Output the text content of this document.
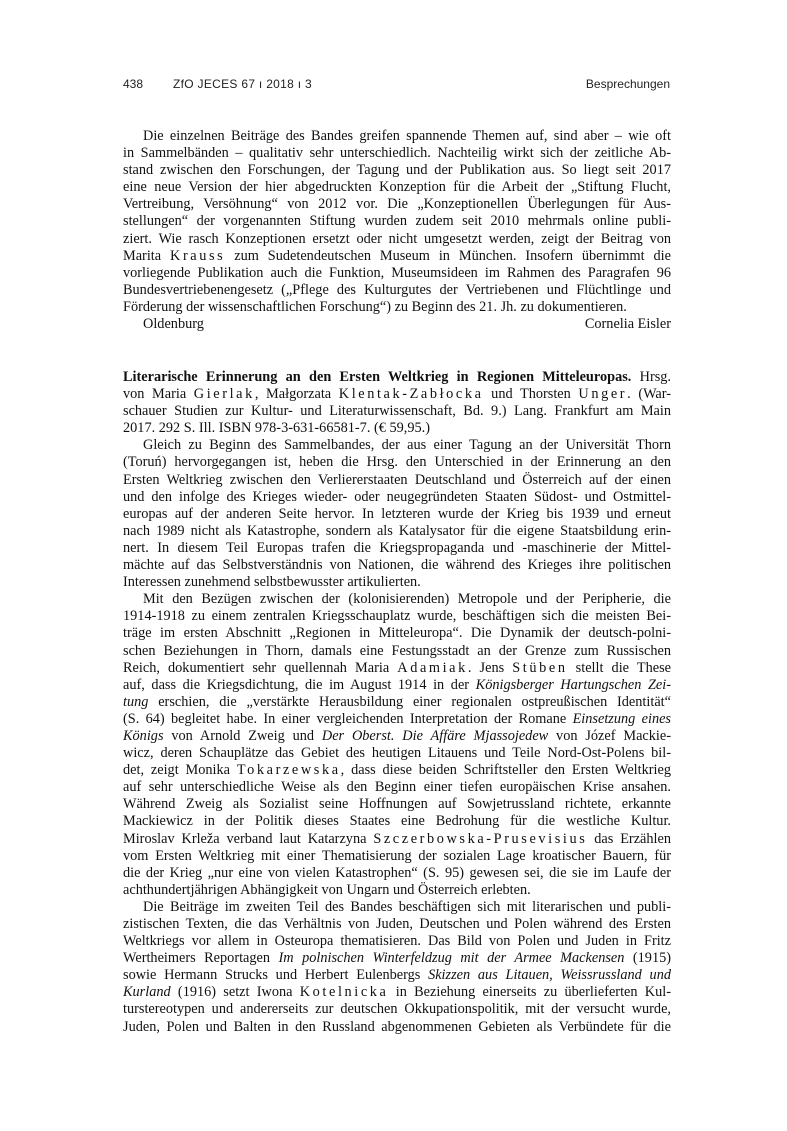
438 ZfO JECES 67 ı 2018 ı 3	Besprechungen
Die einzelnen Beiträge des Bandes greifen spannende Themen auf, sind aber – wie oft
in Sammelbänden – qualitativ sehr unterschiedlich. Nachteilig wirkt sich der zeitliche Ab-
stand zwischen den Forschungen, der Tagung und der Publikation aus. So liegt seit 2017
eine neue Version der hier abgedruckten Konzeption für die Arbeit der „Stiftung Flucht,
Vertreibung, Versöhnung“ von 2012 vor. Die „Konzeptionellen Überlegungen für Aus-
stellungen“ der vorgenannten Stiftung wurden zudem seit 2010 mehrmals online publi-
ziert. Wie rasch Konzeptionen ersetzt oder nicht umgesetzt werden, zeigt der Beitrag von
Marita Krauss zum Sudetendeutschen Museum in München. Insofern übernimmt die
vorliegende Publikation auch die Funktion, Museumsideen im Rahmen des Paragrafen 96
Bundesvertriebenengesetz („Pflege des Kulturgutes der Vertriebenen und Flüchtlinge und
Förderung der wissenschaftlichen Forschung“) zu Beginn des 21. Jh. zu dokumentieren.
Oldenburg	Cornelia Eisler
Literarische Erinnerung an den Ersten Weltkrieg in Regionen Mitteleuropas. Hrsg.
von Maria Gierlak, Małgorzata Klentak-Zabłocka und Thorsten Unger. (War-
schauer Studien zur Kultur- und Literaturwissenschaft, Bd. 9.) Lang. Frankfurt am Main
2017. 292 S. Ill. ISBN 978-3-631-66581-7. (€ 59,95.)
Gleich zu Beginn des Sammelbandes, der aus einer Tagung an der Universität Thorn
(Toruń) hervorgegangen ist, heben die Hrsg. den Unterschied in der Erinnerung an den
Ersten Weltkrieg zwischen den Verliererstaaten Deutschland und Österreich auf der einen
und den infolge des Krieges wieder- oder neugegründeten Staaten Südost- und Ostmittel-
europas auf der anderen Seite hervor. In letzteren wurde der Krieg bis 1939 und erneut
nach 1989 nicht als Katastrophe, sondern als Katalysator für die eigene Staatsbildung erin-
nert. In diesem Teil Europas trafen die Kriegspropaganda und -maschinerie der Mittel-
mächte auf das Selbstverständnis von Nationen, die während des Krieges ihre politischen
Interessen zunehmend selbstbewusster artikulierten.
Mit den Bezügen zwischen der (kolonisierenden) Metropole und der Peripherie, die
1914-1918 zu einem zentralen Kriegsschauplatz wurde, beschäftigen sich die meisten Bei-
träge im ersten Abschnitt „Regionen in Mitteleuropa“. Die Dynamik der deutsch-polni-
schen Beziehungen in Thorn, damals eine Festungsstadt an der Grenze zum Russischen
Reich, dokumentiert sehr quellennah Maria Adamiak. Jens Stüben stellt die These
auf, dass die Kriegsdichtung, die im August 1914 in der Königsberger Hartungschen Zei-
tung erschien, die „verstärkte Herausbildung einer regionalen ostpreußischen Identität“
(S. 64) begleitet habe. In einer vergleichenden Interpretation der Romane Einsetzung eines
Königs von Arnold Zweig und Der Oberst. Die Affäre Mjassojedew von Józef Mackie-
wicz, deren Schauplätze das Gebiet des heutigen Litauens und Teile Nord-Ost-Polens bil-
det, zeigt Monika Tokarzewska, dass diese beiden Schriftsteller den Ersten Weltkrieg
auf sehr unterschiedliche Weise als den Beginn einer tiefen europäischen Krise ansahen.
Während Zweig als Sozialist seine Hoffnungen auf Sowjetrussland richtete, erkannte
Mackiewicz in der Politik dieses Staates eine Bedrohung für die westliche Kultur.
Miroslav Krleža verband laut Katarzyna Szczerbowska-Prusevisius das Erzählen
vom Ersten Weltkrieg mit einer Thematisierung der sozialen Lage kroatischer Bauern, für
die der Krieg „nur eine von vielen Katastrophen“ (S. 95) gewesen sei, die sie im Laufe der
achthundertjährigen Abhängigkeit von Ungarn und Österreich erlebten.
Die Beiträge im zweiten Teil des Bandes beschäftigen sich mit literarischen und publi-
zistischen Texten, die das Verhältnis von Juden, Deutschen und Polen während des Ersten
Weltkriegs vor allem in Osteuropa thematisieren. Das Bild von Polen und Juden in Fritz
Wertheimers Reportagen Im polnischen Winterfeldzug mit der Armee Mackensen (1915)
sowie Hermann Strucks und Herbert Eulenbergs Skizzen aus Litauen, Weissrussland und
Kurland (1916) setzt Iwona Kotelnicka in Beziehung einerseits zu überlieferten Kul-
turstereotypen und andererseits zur deutschen Okkupationspolitik, mit der versucht wurde,
Juden, Polen und Balten in den Russland abgenommenen Gebieten als Verbündete für die
